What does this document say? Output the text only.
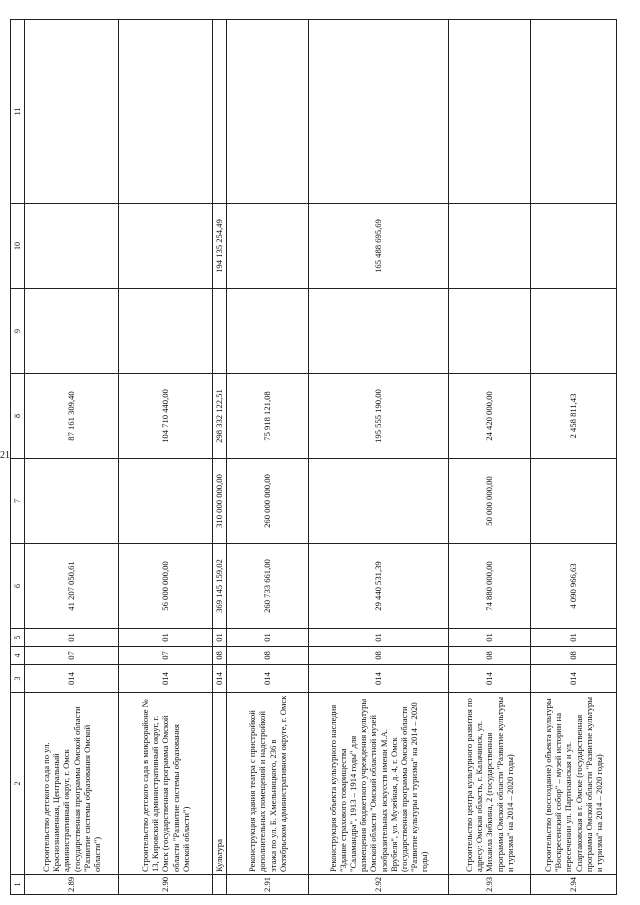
21
1	2	3	4	5	6	7	8	9	10	11
2.89	Строительство детского сада по ул. Краснознаменная, Центральный административный округ, г. Омск (государственная программа Омской области "Развитие системы образования Омской области")	014	07	01	41 207 050,61		87 161 309,40			
2.90	Строительство детского сада в микрорайоне № 13, Кировский административный округ, г. Омск (государственная программа Омской области "Развитие системы образования Омской области")	014	07	01	56 000 000,00		104 710 440,00			
	Культура	014	08	01	369 145 159,02	310 000 000,00	298 332 122,51		194 135 254,49	
2.91	Реконструкция здания театра с пристройкой дополнительных помещений и надстройкой этажа по ул. Б. Хмельницкого, 236 в Октябрьском административном округе, г. Омск	014	08	01	260 733 661,00	260 000 000,00	75 918 121,08			
2.92	Реконструкция объекта культурного наследия "Здание страхового товарищества "Саламандра", 1913 – 1914 годы" для размещения бюджетного учреждения культуры Омской области "Омский областной музей изобразительных искусств имени М.А. Врубеля", ул. Музейная, д. 4, г. Омск (государственная программа Омской области "Развитие культуры и туризма" на 2014 – 2020 годы)	014	08	01	29 440 531,39		195 555 190,00		165 488 695,69	
2.93	Строительство центра культурного развития по адресу: Омская область, г. Калачинск, ул. Михаила Зибкина, 2 (государственная программа Омской области "Развитие культуры и туризма" на 2014 – 2020 годы)	014	08	01	74 880 000,00	50 000 000,00	24 420 000,00			
2.94	Строительство (воссоздание) объекта культуры "Воскресенский собор" – музей истории на пересечении ул. Партизанская и ул. Спартаковская в г. Омске (государственная программа Омской области "Развитие культуры и туризма" на 2014 – 2020 годы)	014	08	01	4 090 966,63		2 458 811,43			
